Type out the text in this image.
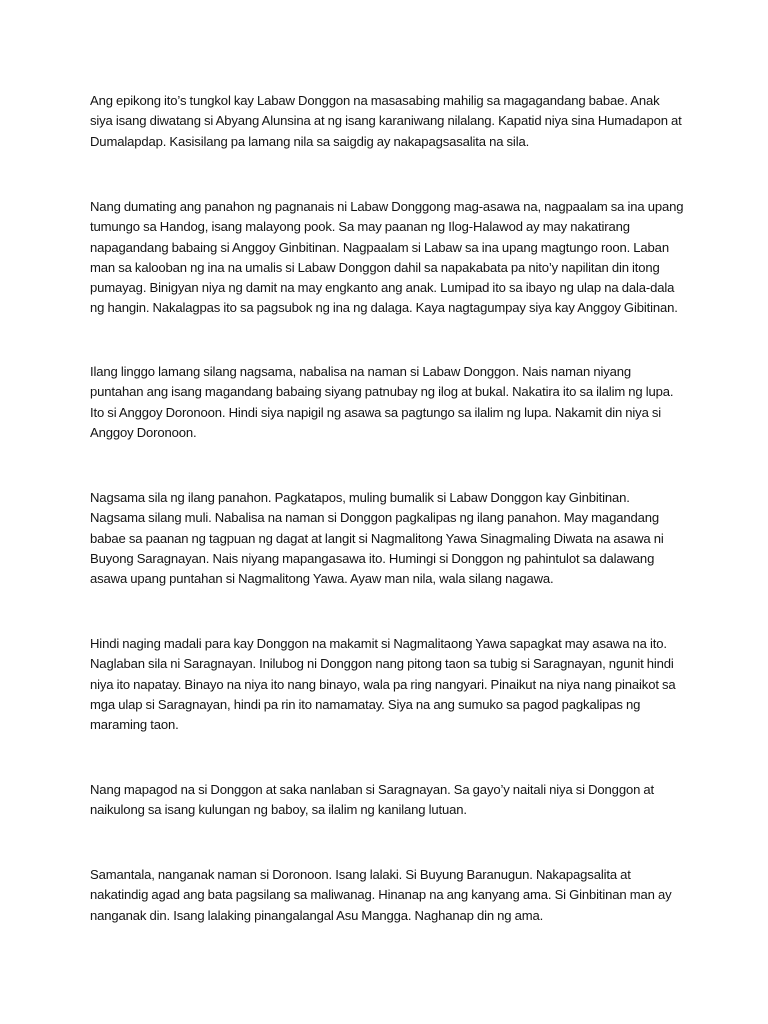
Ang epikong ito’s tungkol kay Labaw Donggon na masasabing mahilig sa magagandang babae. Anak siya isang diwatang si Abyang Alunsina at ng isang karaniwang nilalang. Kapatid niya sina Humadapon at Dumalapdap. Kasisilang pa lamang nila sa saigdig ay nakapagsasalita na sila.

Nang dumating ang panahon ng pagnanais ni Labaw Donggong mag-asawa na, nagpaalam sa ina upang tumungo sa Handog, isang malayong pook. Sa may paanan ng Ilog-Halawod ay may nakatirang napagandang babaing si Anggoy Ginbitinan. Nagpaalam si Labaw sa ina upang magtungo roon. Laban man sa kalooban ng ina na umalis si Labaw Donggon dahil sa napakabata pa nito’y napilitan din itong pumayag. Binigyan niya ng damit na may engkanto ang anak. Lumipad ito sa ibayo ng ulap na dala-dala ng hangin. Nakalagpas ito sa pagsubok ng ina ng dalaga. Kaya nagtagumpay siya kay Anggoy Gibitinan.

Ilang linggo lamang silang nagsama, nabalisa na naman si Labaw Donggon. Nais naman niyang puntahan ang isang magandang babaing siyang patnubay ng ilog at bukal. Nakatira ito sa ilalim ng lupa. Ito si Anggoy Doronoon. Hindi siya napigil ng asawa sa pagtungo sa ilalim ng lupa. Nakamit din niya si Anggoy Doronoon.

Nagsama sila ng ilang panahon. Pagkatapos, muling bumalik si Labaw Donggon kay Ginbitinan. Nagsama silang muli. Nabalisa na naman si Donggon pagkalipas ng ilang panahon. May magandang babae sa paanan ng tagpuan ng dagat at langit si Nagmalitong Yawa Sinagmaling Diwata na asawa ni Buyong Saragnayan. Nais niyang mapangasawa ito. Humingi si Donggon ng pahintulot sa dalawang asawa upang puntahan si Nagmalitong Yawa. Ayaw man nila, wala silang nagawa.

Hindi naging madali para kay Donggon na makamit si Nagmalitaong Yawa sapagkat may asawa na ito. Naglaban sila ni Saragnayan. Inilubog ni Donggon nang pitong taon sa tubig si Saragnayan, ngunit hindi niya ito napatay. Binayo na niya ito nang binayo, wala pa ring nangyari. Pinaikut na niya nang pinaikot sa mga ulap si Saragnayan, hindi pa rin ito namamatay. Siya na ang sumuko sa pagod pagkalipas ng maraming taon.

Nang mapagod na si Donggon at saka nanlaban si Saragnayan. Sa gayo’y naitali niya si Donggon at naikulong sa isang kulungan ng baboy, sa ilalim ng kanilang lutuan.

Samantala, nanganak naman si Doronoon. Isang lalaki. Si Buyung Baranugun. Nakapagsalita at nakatindig agad ang bata pagsilang sa maliwanag. Hinanap na ang kanyang ama. Si Ginbitinan man ay nanganak din. Isang lalaking pinangalangal Asu Mangga. Naghanap din ng ama.
